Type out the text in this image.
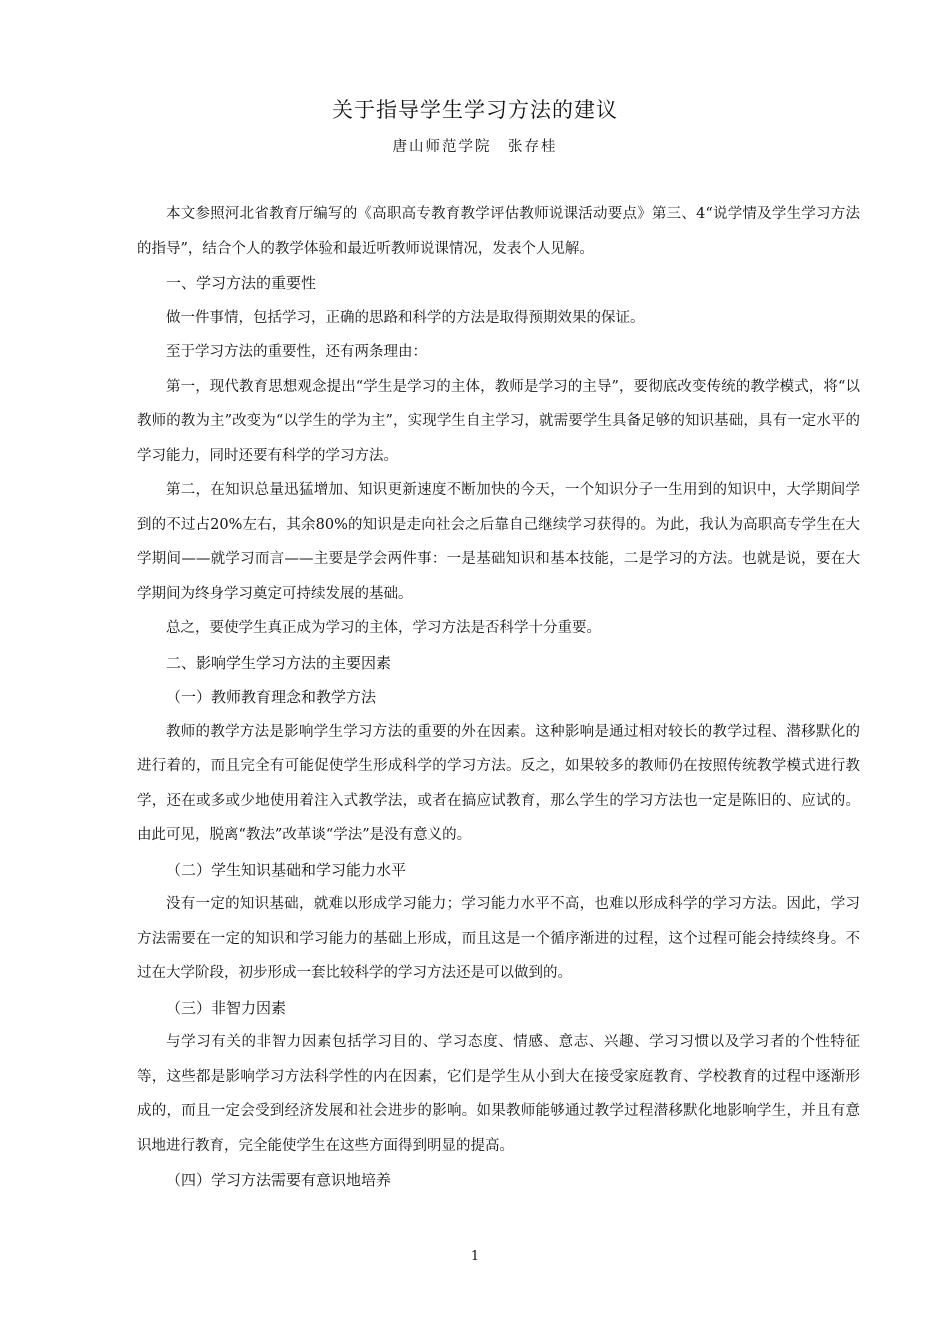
关于指导学生学习方法的建议
唐山师范学院　张存桂

本文参照河北省教育厅编写的《高职高专教育教学评估教师说课活动要点》第三、4“说学情及学生学习方法的指导”，结合个人的教学体验和最近听教师说课情况，发表个人见解。

一、学习方法的重要性

做一件事情，包括学习，正确的思路和科学的方法是取得预期效果的保证。

至于学习方法的重要性，还有两条理由：

第一，现代教育思想观念提出“学生是学习的主体，教师是学习的主导”，要彻底改变传统的教学模式，将“以教师的教为主”改变为“以学生的学为主”，实现学生自主学习，就需要学生具备足够的知识基础，具有一定水平的学习能力，同时还要有科学的学习方法。

第二，在知识总量迅猛增加、知识更新速度不断加快的今天，一个知识分子一生用到的知识中，大学期间学到的不过占20%左右，其余80%的知识是走向社会之后靠自己继续学习获得的。为此，我认为高职高专学生在大学期间——就学习而言——主要是学会两件事：一是基础知识和基本技能，二是学习的方法。也就是说，要在大学期间为终身学习奠定可持续发展的基础。

总之，要使学生真正成为学习的主体，学习方法是否科学十分重要。

二、影响学生学习方法的主要因素

（一）教师教育理念和教学方法

教师的教学方法是影响学生学习方法的重要的外在因素。这种影响是通过相对较长的教学过程、潜移默化的进行着的，而且完全有可能促使学生形成科学的学习方法。反之，如果较多的教师仍在按照传统教学模式进行教学，还在或多或少地使用着注入式教学法，或者在搞应试教育，那么学生的学习方法也一定是陈旧的、应试的。由此可见，脱离“教法”改革谈“学法”是没有意义的。

（二）学生知识基础和学习能力水平

没有一定的知识基础，就难以形成学习能力；学习能力水平不高，也难以形成科学的学习方法。因此，学习方法需要在一定的知识和学习能力的基础上形成，而且这是一个循序渐进的过程，这个过程可能会持续终身。不过在大学阶段，初步形成一套比较科学的学习方法还是可以做到的。

（三）非智力因素

与学习有关的非智力因素包括学习目的、学习态度、情感、意志、兴趣、学习习惯以及学习者的个性特征等，这些都是影响学习方法科学性的内在因素，它们是学生从小到大在接受家庭教育、学校教育的过程中逐渐形成的，而且一定会受到经济发展和社会进步的影响。如果教师能够通过教学过程潜移默化地影响学生，并且有意识地进行教育，完全能使学生在这些方面得到明显的提高。

（四）学习方法需要有意识地培养

1
